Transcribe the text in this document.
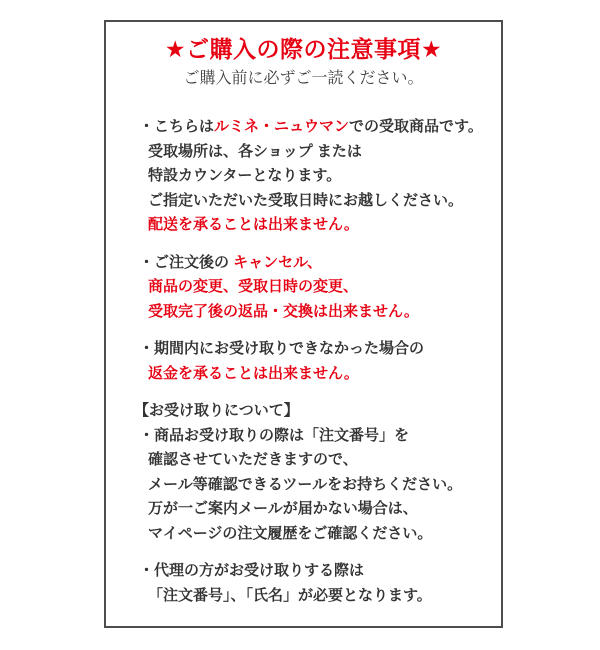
★ご購入の際の注意事項★

ご購入前に必ずご一読ください。

・こちらはルミネ・ニュウマンでの受取商品です。
受取場所は、各ショップ または
特設カウンターとなります。
ご指定いただいた受取日時にお越しください。
配送を承ることは出来ません。
・ご注文後の キャンセル、
商品の変更、受取日時の変更、
受取完了後の返品・交換は出来ません。
・期間内にお受け取りできなかった場合の
返金を承ることは出来ません。
【お受け取りについて】
・商品お受け取りの際は「注文番号」を
確認させていただきますので、
メール等確認できるツールをお持ちください。
万が一ご案内メールが届かない場合は、
マイページの注文履歴をご確認ください。
・代理の方がお受け取りする際は
「注文番号」、「氏名」が必要となります。
